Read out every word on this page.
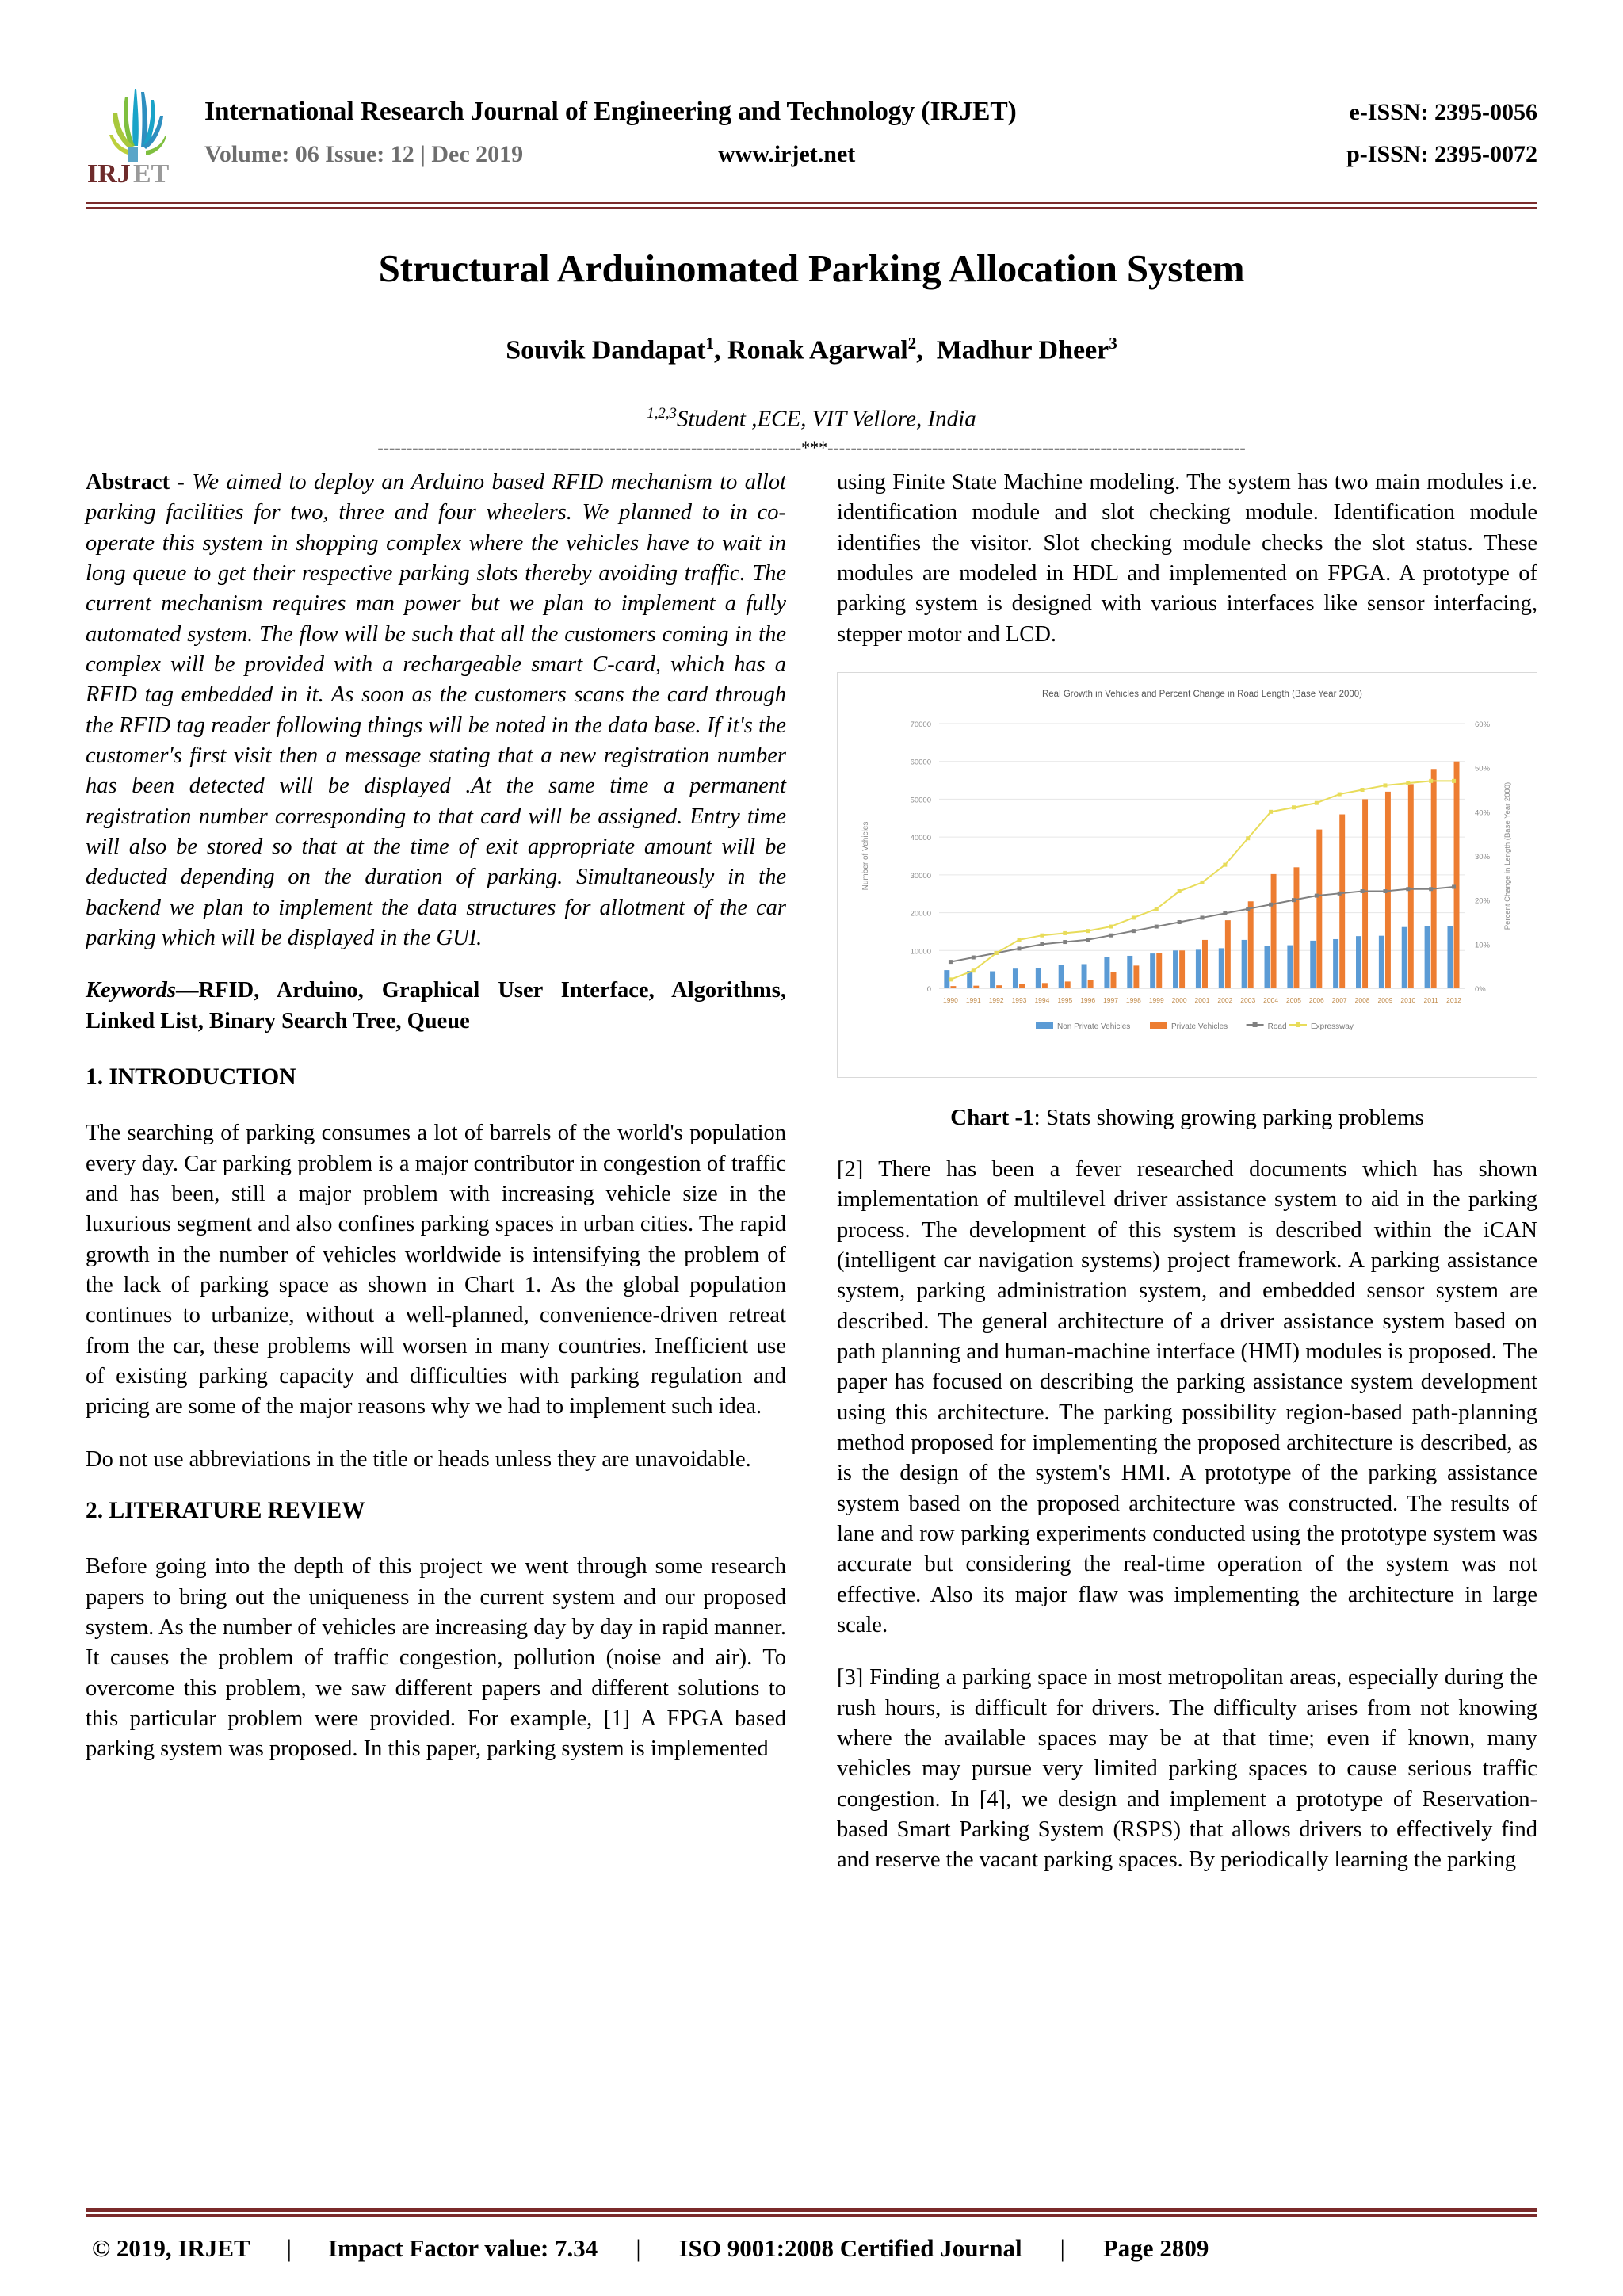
IRJ ET
International Research Journal of Engineering and Technology (IRJET)	e-ISSN: 2395-0056
Volume: 06 Issue: 12 | Dec 2019	www.irjet.net	p-ISSN: 2395-0072
Structural Arduinomated Parking Allocation System
Souvik Dandapat$^1$, Ronak Agarwal$^2$,  Madhur Dheer$^3$
$^{1,2,3}$Student ,ECE, VIT Vellore, India
-------------------------------------------------------------------------***------------------------------------------------------------------------

Abstract - We aimed to deploy an Arduino based RFID mechanism to allot parking facilities for two, three and four wheelers. We planned to in co-operate this system in shopping complex where the vehicles have to wait in long queue to get their respective parking slots thereby avoiding traffic. The current mechanism requires man power but we plan to implement a fully automated system. The flow will be such that all the customers coming in the complex will be provided with a rechargeable smart C-card, which has a RFID tag embedded in it. As soon as the customers scans the card through the RFID tag reader following things will be noted in the data base. If it's the customer's first visit then a message stating that a new registration number has been detected will be displayed .At the same time a permanent registration number corresponding to that card will be assigned. Entry time will also be stored so that at the time of exit appropriate amount will be deducted depending on the duration of parking. Simultaneously in the backend we plan to implement the data structures for allotment of the car parking which will be displayed in the GUI.

Keywords—RFID, Arduino, Graphical User Interface, Algorithms, Linked List, Binary Search Tree, Queue

1. INTRODUCTION

The searching of parking consumes a lot of barrels of the world's population every day. Car parking problem is a major contributor in congestion of traffic and has been, still a major problem with increasing vehicle size in the luxurious segment and also confines parking spaces in urban cities. The rapid growth in the number of vehicles worldwide is intensifying the problem of the lack of parking space as shown in Chart 1. As the global population continues to urbanize, without a well-planned, convenience-driven retreat from the car, these problems will worsen in many countries. Inefficient use of existing parking capacity and difficulties with parking regulation and pricing are some of the major reasons why we had to implement such idea.

Do not use abbreviations in the title or heads unless they are unavoidable.

2. LITERATURE REVIEW

Before going into the depth of this project we went through some research papers to bring out the uniqueness in the current system and our proposed system. As the number of vehicles are increasing day by day in rapid manner. It causes the problem of traffic congestion, pollution (noise and air). To overcome this problem, we saw different papers and different solutions to this particular problem were provided. For example, [1] A FPGA based parking system was proposed. In this paper, parking system is implemented

using Finite State Machine modeling. The system has two main modules i.e. identification module and slot checking module. Identification module identifies the visitor. Slot checking module checks the slot status. These modules are modeled in HDL and implemented on FPGA. A prototype of parking system is designed with various interfaces like sensor interfacing, stepper motor and LCD.

Real Growth in Vehicles and Percent Change in Road Length (Base Year 2000)
0
10000
20000
30000
40000
50000
60000
70000
0%
10%
20%
30%
40%
50%
60%
Number of Vehicles	Percent Change in Length (Base Year 2000)
1990 1991 1992 1993 1994 1995 1996 1997 1998 1999 2000 2001 2002 2003 2004 2005 2006 2007 2008 2009 2010 2011 2012
Non Private Vehicles	Private Vehicles	Road	Expressway
Chart -1: Stats showing growing parking problems

[2] There has been a fever researched documents which has shown implementation of multilevel driver assistance system to aid in the parking process. The development of this system is described within the iCAN (intelligent car navigation systems) project framework. A parking assistance system, parking administration system, and embedded sensor system are described. The general architecture of a driver assistance system based on path planning and human-machine interface (HMI) modules is proposed. The paper has focused on describing the parking assistance system development using this architecture. The parking possibility region-based path-planning method proposed for implementing the proposed architecture is described, as is the design of the system's HMI. A prototype of the parking assistance system based on the proposed architecture was constructed. The results of lane and row parking experiments conducted using the prototype system was accurate but considering the real-time operation of the system was not effective. Also its major flaw was implementing the architecture in large scale.

[3] Finding a parking space in most metropolitan areas, especially during the rush hours, is difficult for drivers. The difficulty arises from not knowing where the available spaces may be at that time; even if known, many vehicles may pursue very limited parking spaces to cause serious traffic congestion. In [4], we design and implement a prototype of Reservation-based Smart Parking System (RSPS) that allows drivers to effectively find and reserve the vacant parking spaces. By periodically learning the parking

© 2019, IRJET	|	Impact Factor value: 7.34	|	ISO 9001:2008 Certified Journal	|	Page 2809
